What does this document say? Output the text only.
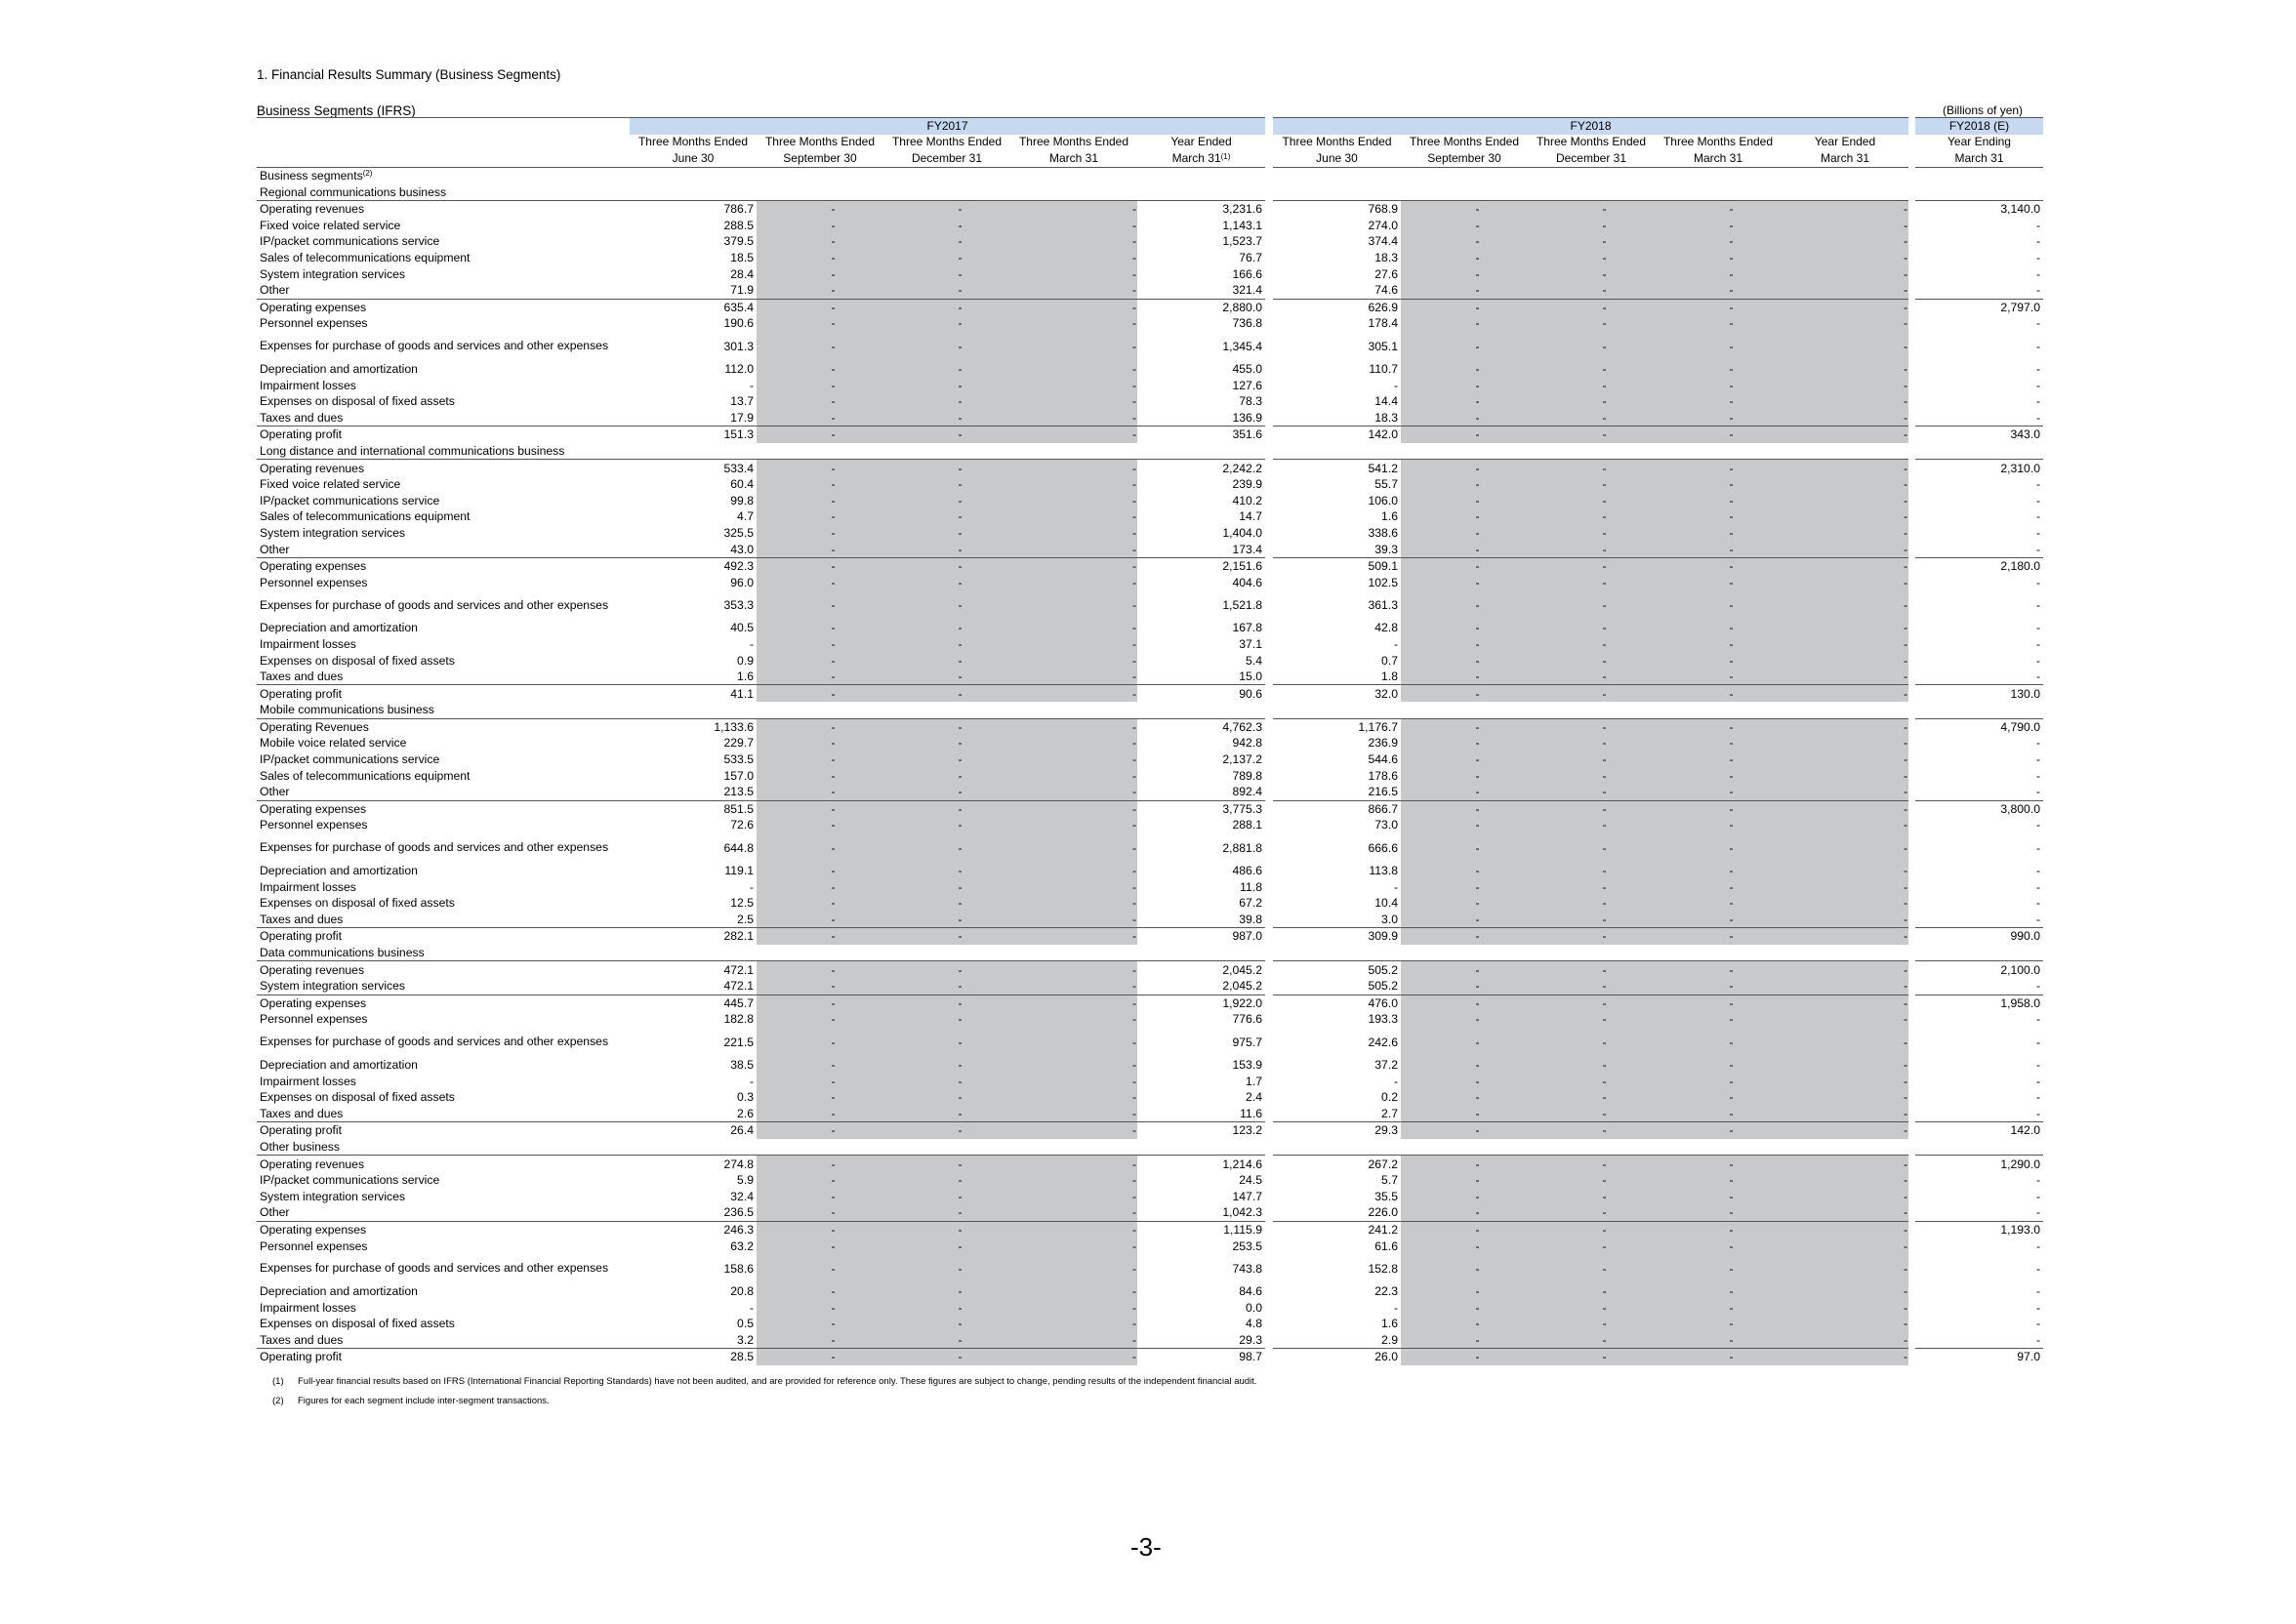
1. Financial Results Summary (Business Segments)
Business Segments (IFRS)	(Billions of yen)
	FY2017						FY2018						FY2018 (E)
	Three Months Ended	Three Months Ended	Three Months Ended	Three Months Ended	Year Ended		Three Months Ended	Three Months Ended	Three Months Ended	Three Months Ended	Year Ended		Year Ending
	June 30	September 30	December 31	March 31	March 31$^{(1)}$		June 30	September 30	December 31	March 31	March 31		March 31
Business segments$^{(2)}$													
Regional communications business													
Operating revenues	786.7	-	-	-	3,231.6		768.9	-	-	-	-		3,140.0
Fixed voice related service	288.5	-	-	-	1,143.1		274.0	-	-	-	-		-
IP/packet communications service	379.5	-	-	-	1,523.7		374.4	-	-	-	-		-
Sales of telecommunications equipment	18.5	-	-	-	76.7		18.3	-	-	-	-		-
System integration services	28.4	-	-	-	166.6		27.6	-	-	-	-		-
Other	71.9	-	-	-	321.4		74.6	-	-	-	-		-
Operating expenses	635.4	-	-	-	2,880.0		626.9	-	-	-	-		2,797.0
Personnel expenses	190.6	-	-	-	736.8		178.4	-	-	-	-		-
Expenses for purchase of goods and services and other expenses	301.3	-	-	-	1,345.4		305.1	-	-	-	-		-
Depreciation and amortization	112.0	-	-	-	455.0		110.7	-	-	-	-		-
Impairment losses	-	-	-	-	127.6		-	-	-	-	-		-
Expenses on disposal of fixed assets	13.7	-	-	-	78.3		14.4	-	-	-	-		-
Taxes and dues	17.9	-	-	-	136.9		18.3	-	-	-	-		-
Operating profit	151.3	-	-	-	351.6		142.0	-	-	-	-		343.0
Long distance and international communications business													
Operating revenues	533.4	-	-	-	2,242.2		541.2	-	-	-	-		2,310.0
Fixed voice related service	60.4	-	-	-	239.9		55.7	-	-	-	-		-
IP/packet communications service	99.8	-	-	-	410.2		106.0	-	-	-	-		-
Sales of telecommunications equipment	4.7	-	-	-	14.7		1.6	-	-	-	-		-
System integration services	325.5	-	-	-	1,404.0		338.6	-	-	-	-		-
Other	43.0	-	-	-	173.4		39.3	-	-	-	-		-
Operating expenses	492.3	-	-	-	2,151.6		509.1	-	-	-	-		2,180.0
Personnel expenses	96.0	-	-	-	404.6		102.5	-	-	-	-		-
Expenses for purchase of goods and services and other expenses	353.3	-	-	-	1,521.8		361.3	-	-	-	-		-
Depreciation and amortization	40.5	-	-	-	167.8		42.8	-	-	-	-		-
Impairment losses	-	-	-	-	37.1		-	-	-	-	-		-
Expenses on disposal of fixed assets	0.9	-	-	-	5.4		0.7	-	-	-	-		-
Taxes and dues	1.6	-	-	-	15.0		1.8	-	-	-	-		-
Operating profit	41.1	-	-	-	90.6		32.0	-	-	-	-		130.0
Mobile communications business													
Operating Revenues	1,133.6	-	-	-	4,762.3		1,176.7	-	-	-	-		4,790.0
Mobile voice related service	229.7	-	-	-	942.8		236.9	-	-	-	-		-
IP/packet communications service	533.5	-	-	-	2,137.2		544.6	-	-	-	-		-
Sales of telecommunications equipment	157.0	-	-	-	789.8		178.6	-	-	-	-		-
Other	213.5	-	-	-	892.4		216.5	-	-	-	-		-
Operating expenses	851.5	-	-	-	3,775.3		866.7	-	-	-	-		3,800.0
Personnel expenses	72.6	-	-	-	288.1		73.0	-	-	-	-		-
Expenses for purchase of goods and services and other expenses	644.8	-	-	-	2,881.8		666.6	-	-	-	-		-
Depreciation and amortization	119.1	-	-	-	486.6		113.8	-	-	-	-		-
Impairment losses	-	-	-	-	11.8		-	-	-	-	-		-
Expenses on disposal of fixed assets	12.5	-	-	-	67.2		10.4	-	-	-	-		-
Taxes and dues	2.5	-	-	-	39.8		3.0	-	-	-	-		-
Operating profit	282.1	-	-	-	987.0		309.9	-	-	-	-		990.0
Data communications business													
Operating revenues	472.1	-	-	-	2,045.2		505.2	-	-	-	-		2,100.0
System integration services	472.1	-	-	-	2,045.2		505.2	-	-	-	-		-
Operating expenses	445.7	-	-	-	1,922.0		476.0	-	-	-	-		1,958.0
Personnel expenses	182.8	-	-	-	776.6		193.3	-	-	-	-		-
Expenses for purchase of goods and services and other expenses	221.5	-	-	-	975.7		242.6	-	-	-	-		-
Depreciation and amortization	38.5	-	-	-	153.9		37.2	-	-	-	-		-
Impairment losses	-	-	-	-	1.7		-	-	-	-	-		-
Expenses on disposal of fixed assets	0.3	-	-	-	2.4		0.2	-	-	-	-		-
Taxes and dues	2.6	-	-	-	11.6		2.7	-	-	-	-		-
Operating profit	26.4	-	-	-	123.2		29.3	-	-	-	-		142.0
Other business													
Operating revenues	274.8	-	-	-	1,214.6		267.2	-	-	-	-		1,290.0
IP/packet communications service	5.9	-	-	-	24.5		5.7	-	-	-	-		-
System integration services	32.4	-	-	-	147.7		35.5	-	-	-	-		-
Other	236.5	-	-	-	1,042.3		226.0	-	-	-	-		-
Operating expenses	246.3	-	-	-	1,115.9		241.2	-	-	-	-		1,193.0
Personnel expenses	63.2	-	-	-	253.5		61.6	-	-	-	-		-
Expenses for purchase of goods and services and other expenses	158.6	-	-	-	743.8		152.8	-	-	-	-		-
Depreciation and amortization	20.8	-	-	-	84.6		22.3	-	-	-	-		-
Impairment losses	-	-	-	-	0.0		-	-	-	-	-		-
Expenses on disposal of fixed assets	0.5	-	-	-	4.8		1.6	-	-	-	-		-
Taxes and dues	3.2	-	-	-	29.3		2.9	-	-	-	-		-
Operating profit	28.5	-	-	-	98.7		26.0	-	-	-	-		97.0
(1) Full-year financial results based on IFRS (International Financial Reporting Standards) have not been audited, and are provided for reference only. These figures are subject to change, pending results of the independent financial audit.
(2) Figures for each segment include inter-segment transactions.
-3-
